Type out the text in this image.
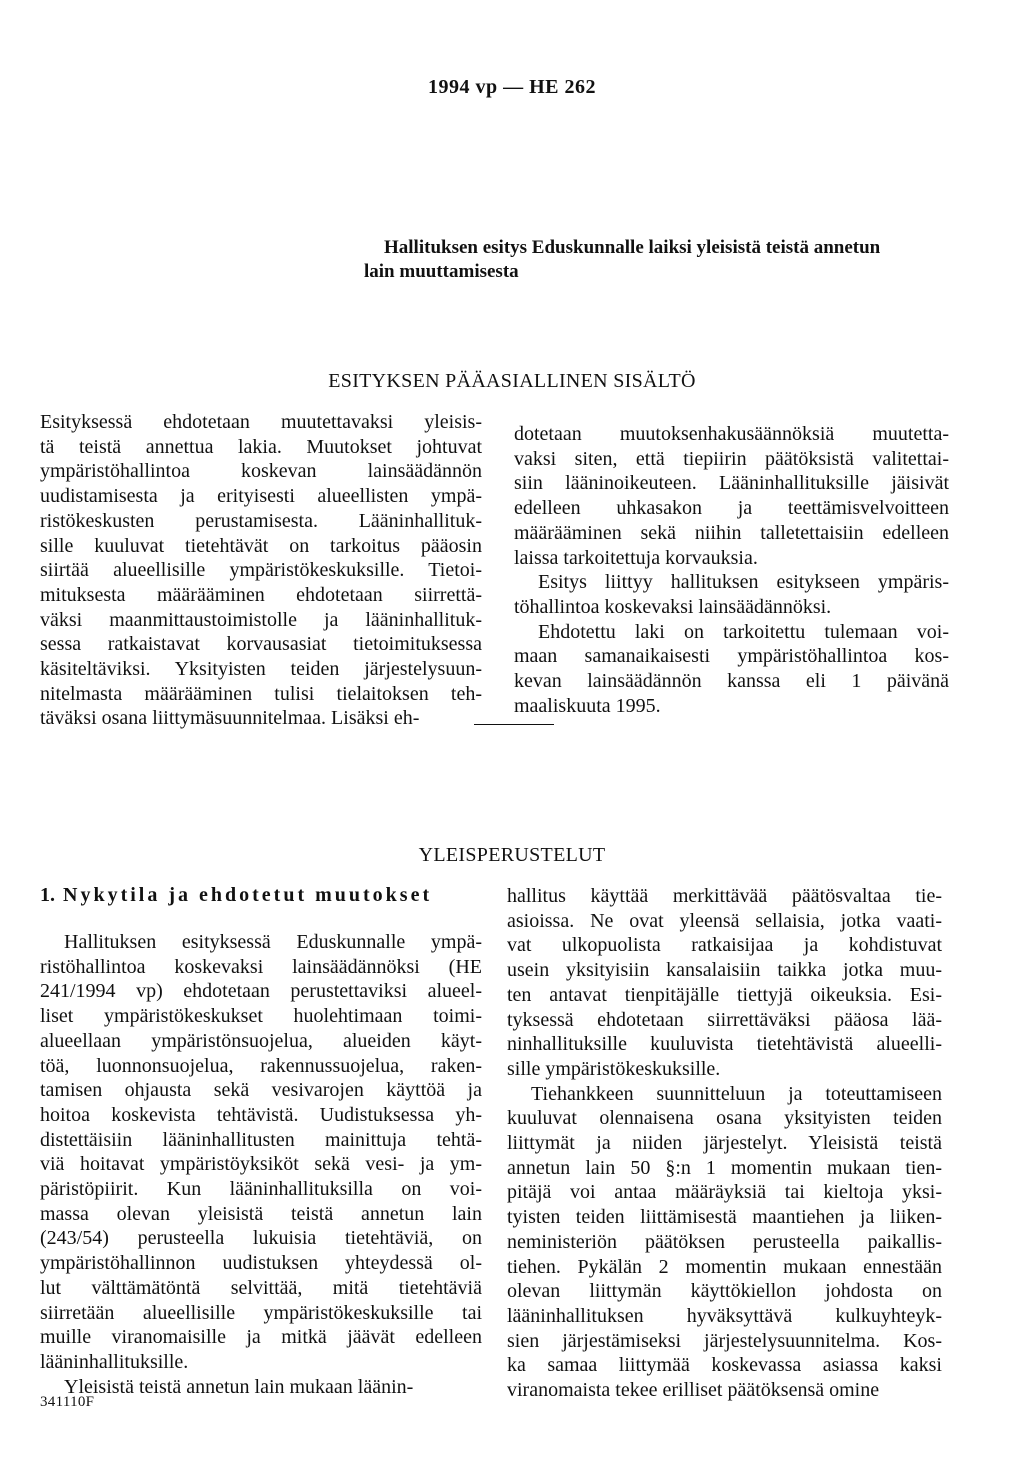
1994 vp — HE 262
Hallituksen esitys Eduskunnalle laiksi yleisistä teistä annetun
lain muuttamisesta
ESITYKSEN PÄÄASIALLINEN SISÄLTÖ
Esityksessä ehdotetaan muutettavaksi yleisis-
tä teistä annettua lakia. Muutokset johtuvat
ympäristöhallintoa koskevan lainsäädännön
uudistamisesta ja erityisesti alueellisten ympä-
ristökeskusten perustamisesta. Lääninhallituk-
sille kuuluvat tietehtävät on tarkoitus pääosin
siirtää alueellisille ympäristökeskuksille. Tietoi-
mituksesta määrääminen ehdotetaan siirrettä-
väksi maanmittaustoimistolle ja lääninhallituk-
sessa ratkaistavat korvausasiat tietoimituksessa
käsiteltäviksi. Yksityisten teiden järjestelysuun-
nitelmasta määrääminen tulisi tielaitoksen teh-
täväksi osana liittymäsuunnitelmaa. Lisäksi eh-
dotetaan muutoksenhakusäännöksiä muutetta-
vaksi siten, että tiepiirin päätöksistä valitettai-
siin lääninoikeuteen. Lääninhallituksille jäisivät
edelleen uhkasakon ja teettämisvelvoitteen
määrääminen sekä niihin talletettaisiin edelleen
laissa tarkoitettuja korvauksia.
Esitys liittyy hallituksen esitykseen ympäris-
töhallintoa koskevaksi lainsäädännöksi.
Ehdotettu laki on tarkoitettu tulemaan voi-
maan samanaikaisesti ympäristöhallintoa kos-
kevan lainsäädännön kanssa eli 1 päivänä
maaliskuuta 1995.
YLEISPERUSTELUT
1. Nykytila ja ehdotetut muutokset
Hallituksen esityksessä Eduskunnalle ympä-
ristöhallintoa koskevaksi lainsäädännöksi (HE
241/1994 vp) ehdotetaan perustettaviksi alueel-
liset ympäristökeskukset huolehtimaan toimi-
alueellaan ympäristönsuojelua, alueiden käyt-
töä, luonnonsuojelua, rakennussuojelua, raken-
tamisen ohjausta sekä vesivarojen käyttöä ja
hoitoa koskevista tehtävistä. Uudistuksessa yh-
distettäisiin lääninhallitusten mainittuja tehtä-
viä hoitavat ympäristöyksiköt sekä vesi- ja ym-
päristöpiirit. Kun lääninhallituksilla on voi-
massa olevan yleisistä teistä annetun lain
(243/54) perusteella lukuisia tietehtäviä, on
ympäristöhallinnon uudistuksen yhteydessä ol-
lut välttämätöntä selvittää, mitä tietehtäviä
siirretään alueellisille ympäristökeskuksille tai
muille viranomaisille ja mitkä jäävät edelleen
lääninhallituksille.
Yleisistä teistä annetun lain mukaan läänin-
hallitus käyttää merkittävää päätösvaltaa tie-
asioissa. Ne ovat yleensä sellaisia, jotka vaati-
vat ulkopuolista ratkaisijaa ja kohdistuvat
usein yksityisiin kansalaisiin taikka jotka muu-
ten antavat tienpitäjälle tiettyjä oikeuksia. Esi-
tyksessä ehdotetaan siirrettäväksi pääosa lää-
ninhallituksille kuuluvista tietehtävistä alueelli-
sille ympäristökeskuksille.
Tiehankkeen suunnitteluun ja toteuttamiseen
kuuluvat olennaisena osana yksityisten teiden
liittymät ja niiden järjestelyt. Yleisistä teistä
annetun lain 50 §:n 1 momentin mukaan tien-
pitäjä voi antaa määräyksiä tai kieltoja yksi-
tyisten teiden liittämisestä maantiehen ja liiken-
neministeriön päätöksen perusteella paikallis-
tiehen. Pykälän 2 momentin mukaan ennestään
olevan liittymän käyttökiellon johdosta on
lääninhallituksen hyväksyttävä kulkuyhteyk-
sien järjestämiseksi järjestelysuunnitelma. Kos-
ka samaa liittymää koskevassa asiassa kaksi
viranomaista tekee erilliset päätöksensä omine
341110F
